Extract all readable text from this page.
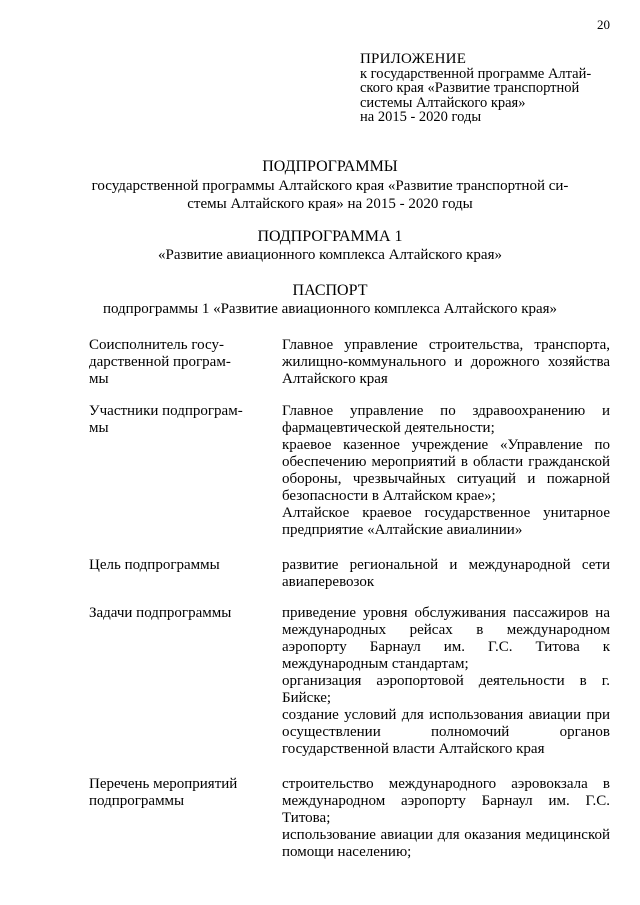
20
ПРИЛОЖЕНИЕ
к государственной программе Алтай-
ского края «Развитие транспортной
системы Алтайского края»
на 2015 - 2020 годы
ПОДПРОГРАММЫ
государственной программы Алтайского края «Развитие транспортной си-
стемы Алтайского края» на 2015 - 2020 годы
ПОДПРОГРАММА 1
«Развитие авиационного комплекса Алтайского края»
ПАСПОРТ
подпрограммы 1 «Развитие авиационного комплекса Алтайского края»
Соисполнитель госу-
дарственной програм-
мы

Главное управление строительства, транспорта, жилищно-коммунального и дорожного хозяйства Алтайского края

Участники подпрограм-
мы

Главное управление по здравоохранению и фармацевтической деятельности;

краевое казенное учреждение «Управление по обеспечению мероприятий в области гражданской обороны, чрезвычайных ситуаций и пожарной безопасности в Алтайском крае»;

Алтайское краевое государственное унитарное предприятие «Алтайские авиалинии»

Цель подпрограммы	развитие региональной и международной сети авиаперевозок

Задачи подпрограммы	приведение уровня обслуживания пассажиров на международных рейсах в международном аэропорту Барнаул им. Г.С. Титова к международным стандартам;

организация аэропортовой деятельности в г. Бийске;

создание условий для использования авиации при осуществлении полномочий органов государственной власти Алтайского края

Перечень мероприятий
подпрограммы

строительство международного аэровокзала в международном аэропорту Барнаул им. Г.С. Титова;

использование авиации для оказания медицинской помощи населению;
